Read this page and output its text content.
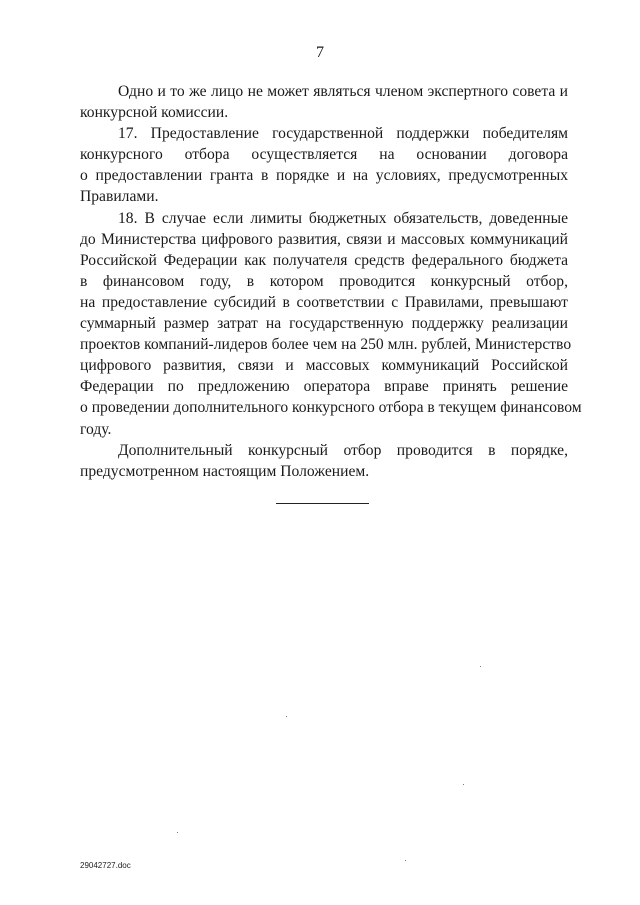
7

Одно и то же лицо не может являться членом экспертного совета и
конкурсной комиссии.

17. Предоставление государственной поддержки победителям
конкурсного отбора осуществляется на основании договора
о предоставлении гранта в порядке и на условиях, предусмотренных
Правилами.

18. В случае если лимиты бюджетных обязательств, доведенные
до Министерства цифрового развития, связи и массовых коммуникаций
Российской Федерации как получателя средств федерального бюджета
в финансовом году, в котором проводится конкурсный отбор,
на предоставление субсидий в соответствии с Правилами, превышают
суммарный размер затрат на государственную поддержку реализации
проектов компаний-лидеров более чем на 250 млн. рублей, Министерство
цифрового развития, связи и массовых коммуникаций Российской
Федерации по предложению оператора вправе принять решение
о проведении дополнительного конкурсного отбора в текущем финансовом
году.

Дополнительный конкурсный отбор проводится в порядке,
предусмотренном настоящим Положением.

29042727.doc
